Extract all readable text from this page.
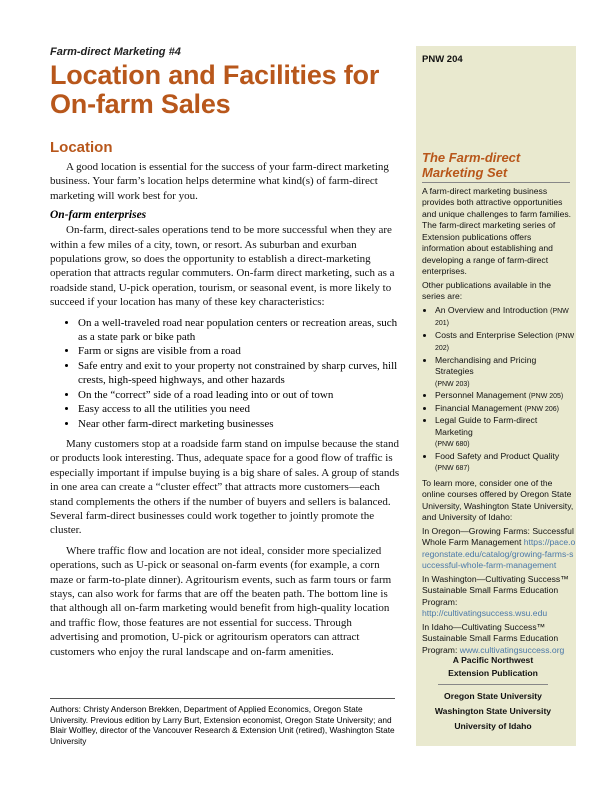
Farm-direct Marketing #4
Location and Facilities for On-farm Sales
Location

A good location is essential for the success of your farm-direct marketing business. Your farm’s location helps determine what kind(s) of farm-direct marketing will work best for you.

On-farm enterprises

On-farm, direct-sales operations tend to be more successful when they are within a few miles of a city, town, or resort. As suburban and exurban populations grow, so does the opportunity to establish a direct-marketing operation that attracts regular commuters. On-farm direct marketing, such as a roadside stand, U-pick operation, tourism, or seasonal event, is more likely to succeed if your location has many of these key characteristics:

• On a well-traveled road near population centers or recreation areas, such as a state park or bike path
• Farm or signs are visible from a road
• Safe entry and exit to your property not constrained by sharp curves, hill crests, high-speed highways, and other hazards
• On the “correct” side of a road leading into or out of town
• Easy access to all the utilities you need
• Near other farm-direct marketing businesses

Many customers stop at a roadside farm stand on impulse because the stand or products look interesting. Thus, adequate space for a good flow of traffic is especially important if impulse buying is a big share of sales. A group of stands in one area can create a “cluster effect” that attracts more customers—each stand complements the others if the number of buyers and sellers is balanced. Several farm-direct businesses could work together to jointly promote the cluster.

Where traffic flow and location are not ideal, consider more specialized operations, such as U-pick or seasonal on-farm events (for example, a corn maze or farm-to-plate dinner). Agritourism events, such as farm tours or farm stays, can also work for farms that are off the beaten path. The bottom line is that although all on-farm marketing would benefit from high-quality location and traffic flow, those features are not essential for success. Through advertising and promotion, U-pick or agritourism operators can attract customers who enjoy the rural landscape and on-farm amenities.

Authors: Christy Anderson Brekken, Department of Applied Economics, Oregon State University. Previous edition by Larry Burt, Extension economist, Oregon State University; and Blair Wolfley, director of the Vancouver Research & Extension Unit (retired), Washington State University
PNW 204
The Farm-direct Marketing Set

A farm-direct marketing business provides both attractive opportunities and unique challenges to farm families. The farm-direct marketing series of Extension publications offers information about establishing and developing a range of farm-direct enterprises.

Other publications available in the series are:

• An Overview and Introduction (PNW 201)
• Costs and Enterprise Selection (PNW 202)
• Merchandising and Pricing Strategies
(PNW 203)
• Personnel Management (PNW 205)
• Financial Management (PNW 206)
• Legal Guide to Farm-direct Marketing
(PNW 680)
• Food Safety and Product Quality
(PNW 687)

To learn more, consider one of the online courses offered by Oregon State University, Washington State University, and University of Idaho:

In Oregon—Growing Farms: Successful Whole Farm Management https://pace.oregonstate.edu/catalog/growing-farms-successful-whole-farm-management

In Washington—Cultivating Success™ Sustainable Small Farms Education Program: http://cultivatingsuccess.wsu.edu

In Idaho—Cultivating Success™ Sustainable Small Farms Education Program: www.cultivatingsuccess.org

A Pacific Northwest
Extension Publication
Oregon State University
Washington State University
University of Idaho
